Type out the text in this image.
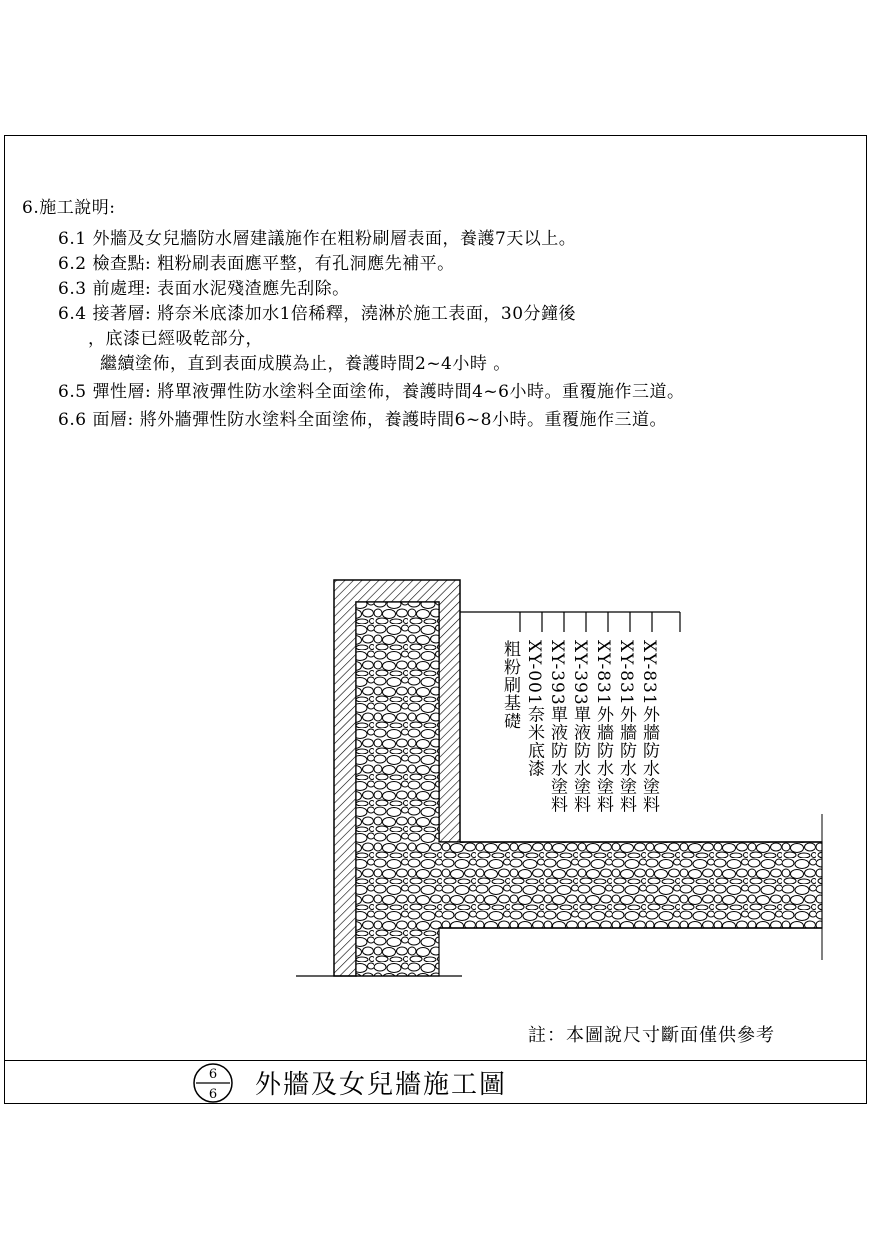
6.施工說明:
6.1 外牆及女兒牆防水層建議施作在粗粉刷層表面，養護7天以上。
6.2 檢查點: 粗粉刷表面應平整，有孔洞應先補平。
6.3 前處理: 表面水泥殘渣應先刮除。
6.4 接著層: 將奈米底漆加水1倍稀釋，澆淋於施工表面，30分鐘後
，底漆已經吸乾部分，
繼續塗佈，直到表面成膜為止，養護時間2~4小時 。
6.5 彈性層: 將單液彈性防水塗料全面塗佈，養護時間4~6小時。重覆施作三道。
6.6 面層: 將外牆彈性防水塗料全面塗佈，養護時間6~8小時。重覆施作三道。
粗粉刷基礎 XY-001奈米底漆 XY-393單液防水塗料 XY-393單液防水塗料 XY-831外牆防水塗料 XY-831外牆防水塗料 XY-831外牆防水塗料
6
6
註：本圖說尺寸斷面僅供參考
外牆及女兒牆施工圖
